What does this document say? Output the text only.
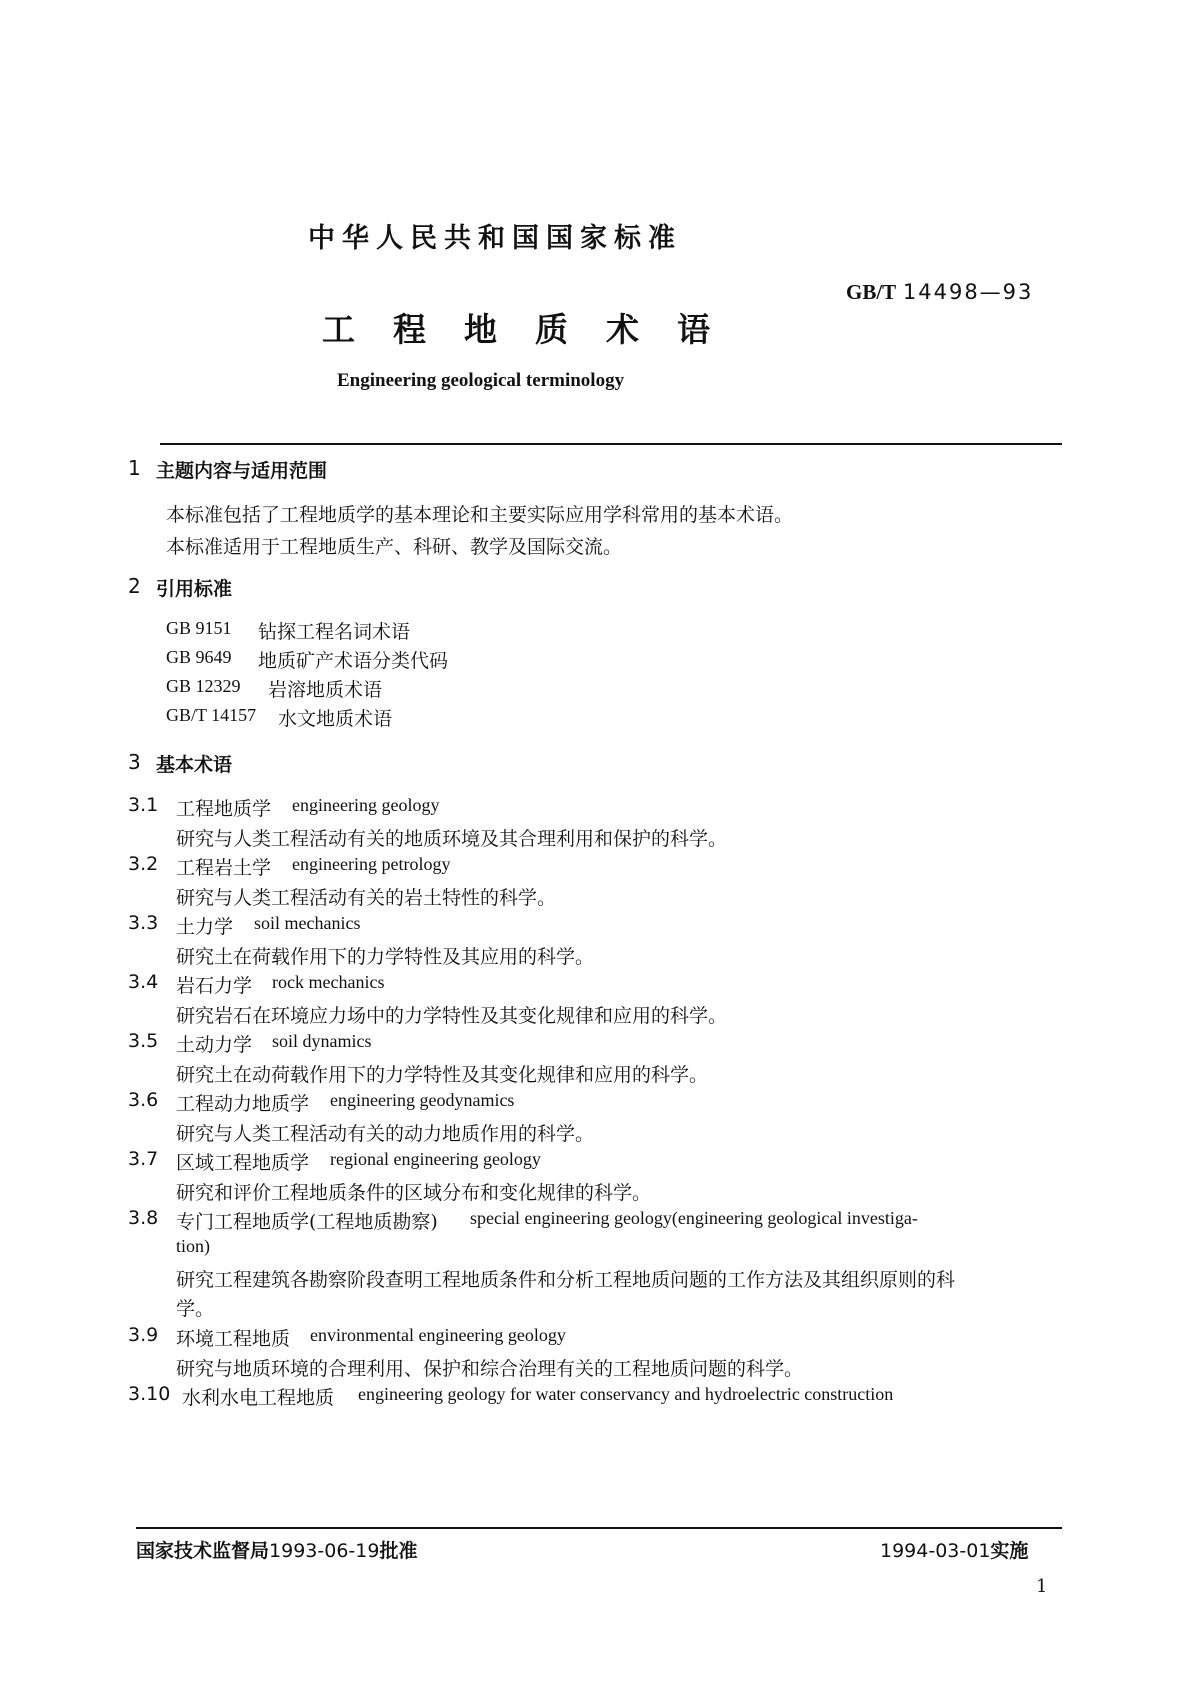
中华人民共和国国家标准
GB/T 14498—93
工程地质术语
Engineering geological terminology
1 主题内容与适用范围
本标准包括了工程地质学的基本理论和主要实际应用学科常用的基本术语。
本标准适用于工程地质生产、科研、教学及国际交流。
2 引用标准
GB 9151 钻探工程名词术语
GB 9649 地质矿产术语分类代码
GB 12329 岩溶地质术语
GB/T 14157 水文地质术语
3 基本术语
3.1 工程地质学 engineering geology
研究与人类工程活动有关的地质环境及其合理利用和保护的科学。
3.2 工程岩土学 engineering petrology
研究与人类工程活动有关的岩土特性的科学。
3.3 土力学 soil mechanics
研究土在荷载作用下的力学特性及其应用的科学。
3.4 岩石力学 rock mechanics
研究岩石在环境应力场中的力学特性及其变化规律和应用的科学。
3.5 土动力学 soil dynamics
研究土在动荷载作用下的力学特性及其变化规律和应用的科学。
3.6 工程动力地质学 engineering geodynamics
研究与人类工程活动有关的动力地质作用的科学。
3.7 区域工程地质学 regional engineering geology
研究和评价工程地质条件的区域分布和变化规律的科学。
3.8 专门工程地质学(工程地质勘察) special engineering geology(engineering geological investiga-
tion)
研究工程建筑各勘察阶段查明工程地质条件和分析工程地质问题的工作方法及其组织原则的科
学。
3.9 环境工程地质 environmental engineering geology
研究与地质环境的合理利用、保护和综合治理有关的工程地质问题的科学。
3.10 水利水电工程地质 engineering geology for water conservancy and hydroelectric construction
国家技术监督局1993-06-19批准	1994-03-01实施
1
